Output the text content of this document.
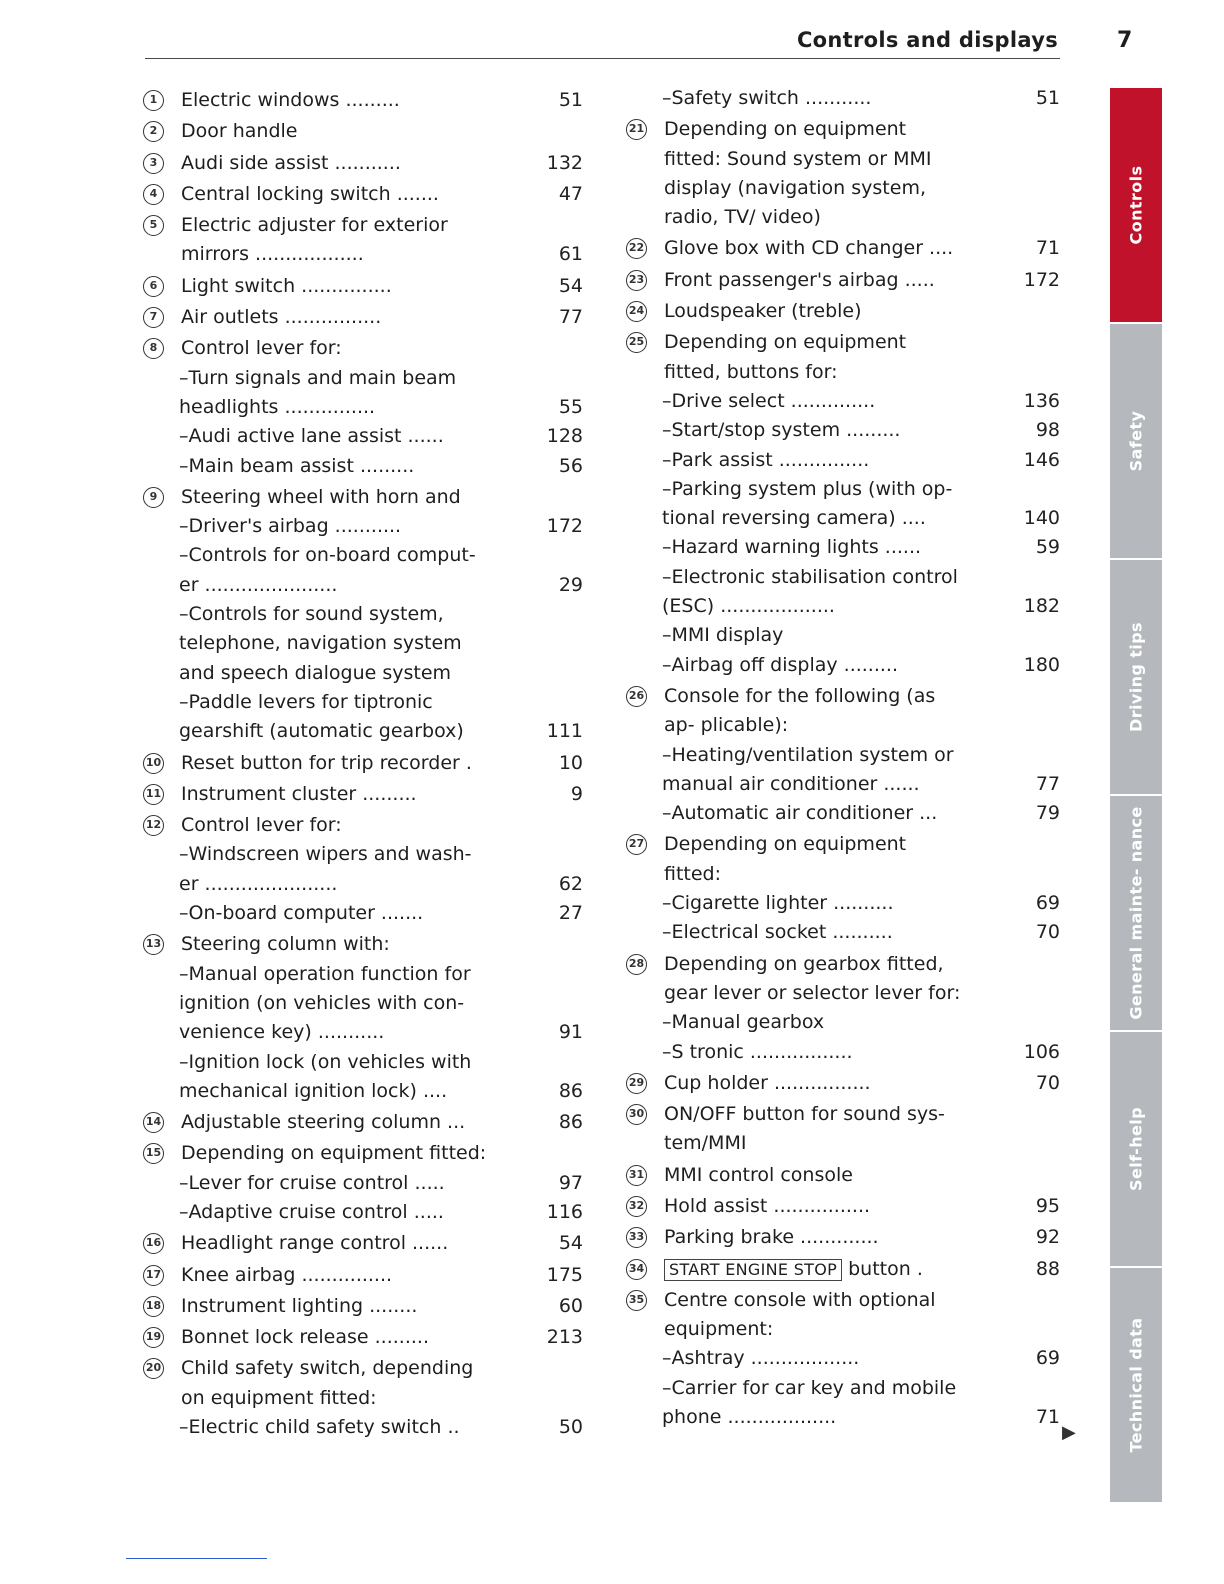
Controls and displays	7
1	Electric windows .........	51
2	Door handle
3	Audi side assist ...........	132
4	Central locking switch .......	47
5	Electric adjuster for exterior mirrors ..................	61
6	Light switch ...............	54
7	Air outlets ................	77
8	Control lever for:
–Turn signals and main beam headlights ...............	55
–Audi active lane assist ......	128
–Main beam assist .........	56
9	Steering wheel with horn and
–Driver's airbag ...........	172
–Controls for on-board comput- er ......................	29
–Controls for sound system, telephone, navigation system and speech dialogue system
–Paddle levers for tiptronic gearshift (automatic gearbox)	111
10 Reset button for trip recorder .	10
11 Instrument cluster .........	9
12 Control lever for:
–Windscreen wipers and wash- er ......................	62
–On-board computer .......	27
13 Steering column with:
–Manual operation function for ignition (on vehicles with con- venience key) ...........	91
–Ignition lock (on vehicles with mechanical ignition lock) ....	86
14 Adjustable steering column ...	86
15 Depending on equipment fitted:
–Lever for cruise control .....	97
–Adaptive cruise control .....	116
16 Headlight range control ......	54
17 Knee airbag ...............	175
18 Instrument lighting ........	60
19 Bonnet lock release .........	213
20 Child safety switch, depending on equipment fitted:
–Electric child safety switch ..	50
–Safety switch ...........	51
21 Depending on equipment fitted: Sound system or MMI display (navigation system, radio, TV/ video)
22 Glove box with CD changer ....	71
23 Front passenger's airbag .....	172
24 Loudspeaker (treble)
25 Depending on equipment fitted, buttons for:
–Drive select ..............	136
–Start/stop system .........	98
–Park assist ...............	146
–Parking system plus (with op- tional reversing camera) ....	140
–Hazard warning lights ......	59
–Electronic stabilisation control (ESC) ...................	182
–MMI display
–Airbag off display .........	180
26 Console for the following (as ap- plicable):
–Heating/ventilation system or manual air conditioner ......	77
–Automatic air conditioner ...	79
27 Depending on equipment fitted:
–Cigarette lighter ..........	69
–Electrical socket ..........	70
28 Depending on gearbox fitted, gear lever or selector lever for:
–Manual gearbox
–S tronic .................	106
29 Cup holder ................	70
30 ON/OFF button for sound sys- tem/MMI
31 MMI control console
32 Hold assist ................	95
33 Parking brake .............	92
34	START ENGINE STOP button .	88
35 Centre console with optional equipment:
–Ashtray ..................	69
–Carrier for car key and mobile phone ..................	71
▶
Controls
Safety
Driving tips
General mainte- nance
Self-help
Technical data
